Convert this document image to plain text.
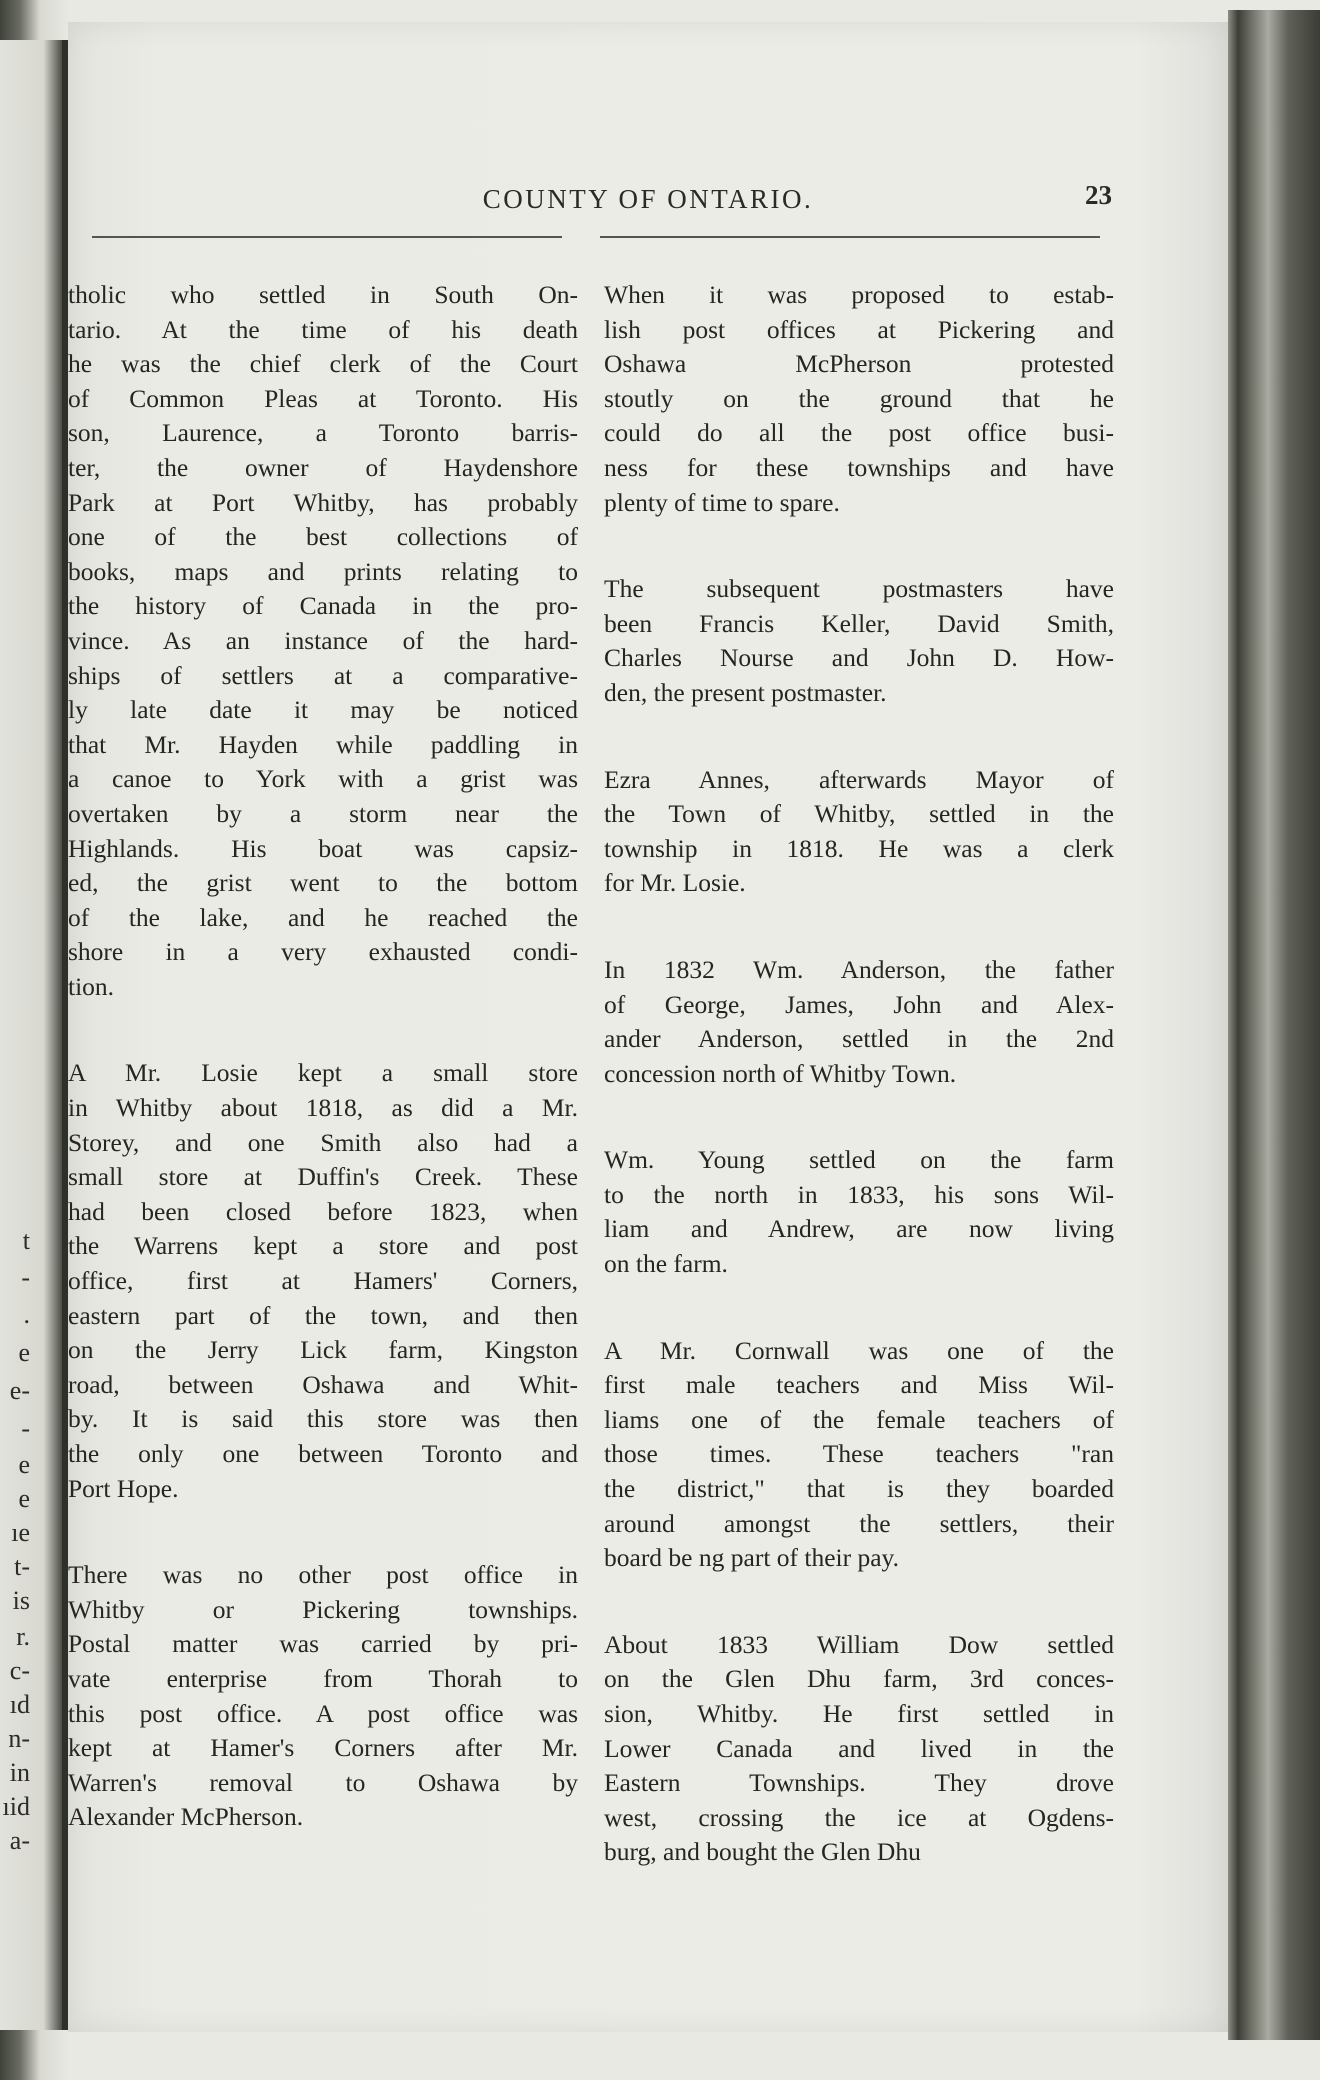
t
-
.
e
e-
-
e
e
ıe
t-
is
r.
c-
ıd
n-
in
ıid
a-
COUNTY OF ONTARIO.	23
tholic who settled in South On-
tario. At the time of his death
he was the chief clerk of the Court
of Common Pleas at Toronto. His
son, Laurence, a Toronto barris-
ter, the owner of Haydenshore
Park at Port Whitby, has probably
one of the best collections of
books, maps and prints relating to
the history of Canada in the pro-
vince. As an instance of the hard-
ships of settlers at a comparative-
ly late date it may be noticed
that Mr. Hayden while paddling in
a canoe to York with a grist was
overtaken by a storm near the
Highlands. His boat was capsiz-
ed, the grist went to the bottom
of the lake, and he reached the
shore in a very exhausted condi-
tion.
A Mr. Losie kept a small store
in Whitby about 1818, as did a Mr.
Storey, and one Smith also had a
small store at Duffin's Creek. These
had been closed before 1823, when
the Warrens kept a store and post
office, first at Hamers' Corners,
eastern part of the town, and then
on the Jerry Lick farm, Kingston
road, between Oshawa and Whit-
by. It is said this store was then
the only one between Toronto and
Port Hope.
There was no other post office in
Whitby or Pickering townships.
Postal matter was carried by pri-
vate enterprise from Thorah to
this post office. A post office was
kept at Hamer's Corners after Mr.
Warren's removal to Oshawa by
Alexander McPherson.
When it was proposed to estab-
lish post offices at Pickering and
Oshawa McPherson protested
stoutly on the ground that he
could do all the post office busi-
ness for these townships and have
plenty of time to spare.
The subsequent postmasters have
been Francis Keller, David Smith,
Charles Nourse and John D. How-
den, the present postmaster.
Ezra Annes, afterwards Mayor of
the Town of Whitby, settled in the
township in 1818. He was a clerk
for Mr. Losie.
In 1832 Wm. Anderson, the father
of George, James, John and Alex-
ander Anderson, settled in the 2nd
concession north of Whitby Town.
Wm. Young settled on the farm
to the north in 1833, his sons Wil-
liam and Andrew, are now living
on the farm.
A Mr. Cornwall was one of the
first male teachers and Miss Wil-
liams one of the female teachers of
those times. These teachers "ran
the district," that is they boarded
around amongst the settlers, their
board be ng part of their pay.
About 1833 William Dow settled
on the Glen Dhu farm, 3rd conces-
sion, Whitby. He first settled in
Lower Canada and lived in the
Eastern Townships. They drove
west, crossing the ice at Ogdens-
burg, and bought the Glen Dhu
